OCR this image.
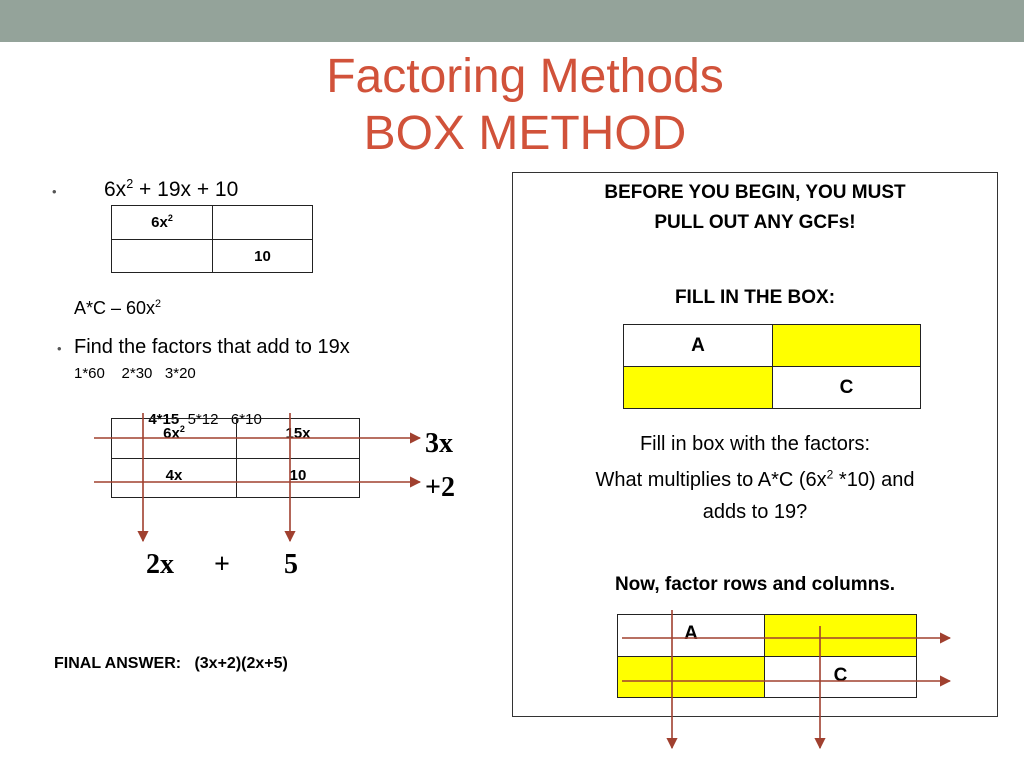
Factoring Methods
BOX METHOD
• $6x^2 + 19x + 10$
$6x^2$	
	10
$A*C - 60x^2$
• Find the factors that add to 19x
1*60    2*30   3*20

4*15 5*12   6*10

$6x^2$	15x
4x	10
3x
+2
2x + 5
FINAL ANSWER: (3x+2)(2x+5)
BEFORE YOU BEGIN, YOU MUST
PULL OUT ANY GCFs!
FILL IN THE BOX:
A	
	C
Fill in box with the factors:
What multiplies to A*C ($6x^2$ *10) and
adds to 19?
Now, factor rows and columns.
A	
	C
